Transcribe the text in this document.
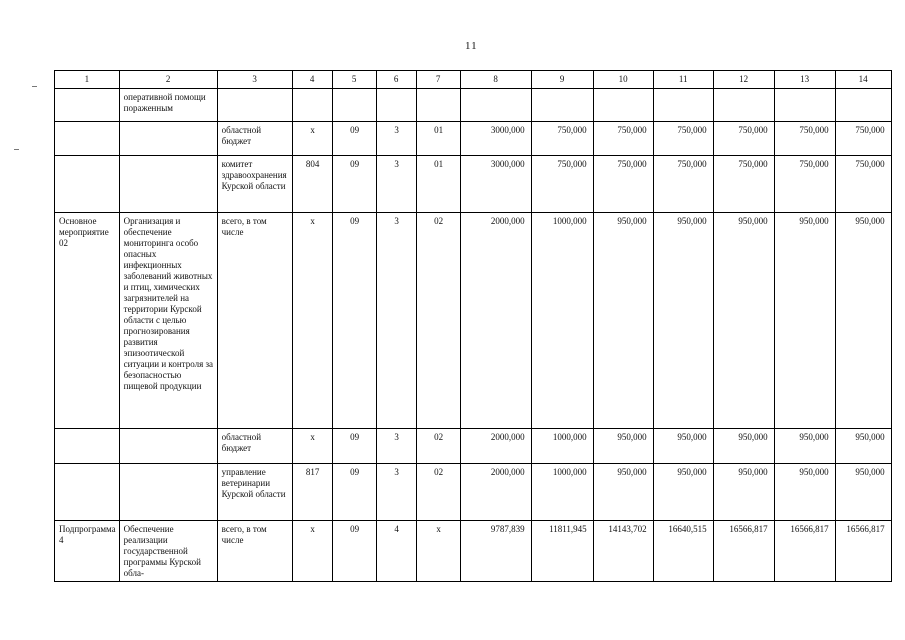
11
1	2	3	4	5	6	7	8	9	10	11	12	13	14
	оперативной помощи пораженным												
		областной бюджет	х	09	3	01	3000,000	750,000	750,000	750,000	750,000	750,000	750,000
		комитет здравоохранения Курской области	804	09	3	01	3000,000	750,000	750,000	750,000	750,000	750,000	750,000
Основное мероприятие 02	Организация и обеспечение мониторинга особо опасных инфекционных заболеваний животных и птиц, химических загрязнителей на территории Курской области с целью прогнозирования развития эпизоотической ситуации и контроля за безопасностью пищевой продукции	всего, в том числе	х	09	3	02	2000,000	1000,000	950,000	950,000	950,000	950,000	950,000
		областной бюджет	х	09	3	02	2000,000	1000,000	950,000	950,000	950,000	950,000	950,000
		управление ветеринарии Курской области	817	09	3	02	2000,000	1000,000	950,000	950,000	950,000	950,000	950,000
Подпрограмма 4	Обеспечение реализации государственной программы Курской обла-	всего, в том числе	х	09	4	х	9787,839	11811,945	14143,702	16640,515	16566,817	16566,817	16566,817
